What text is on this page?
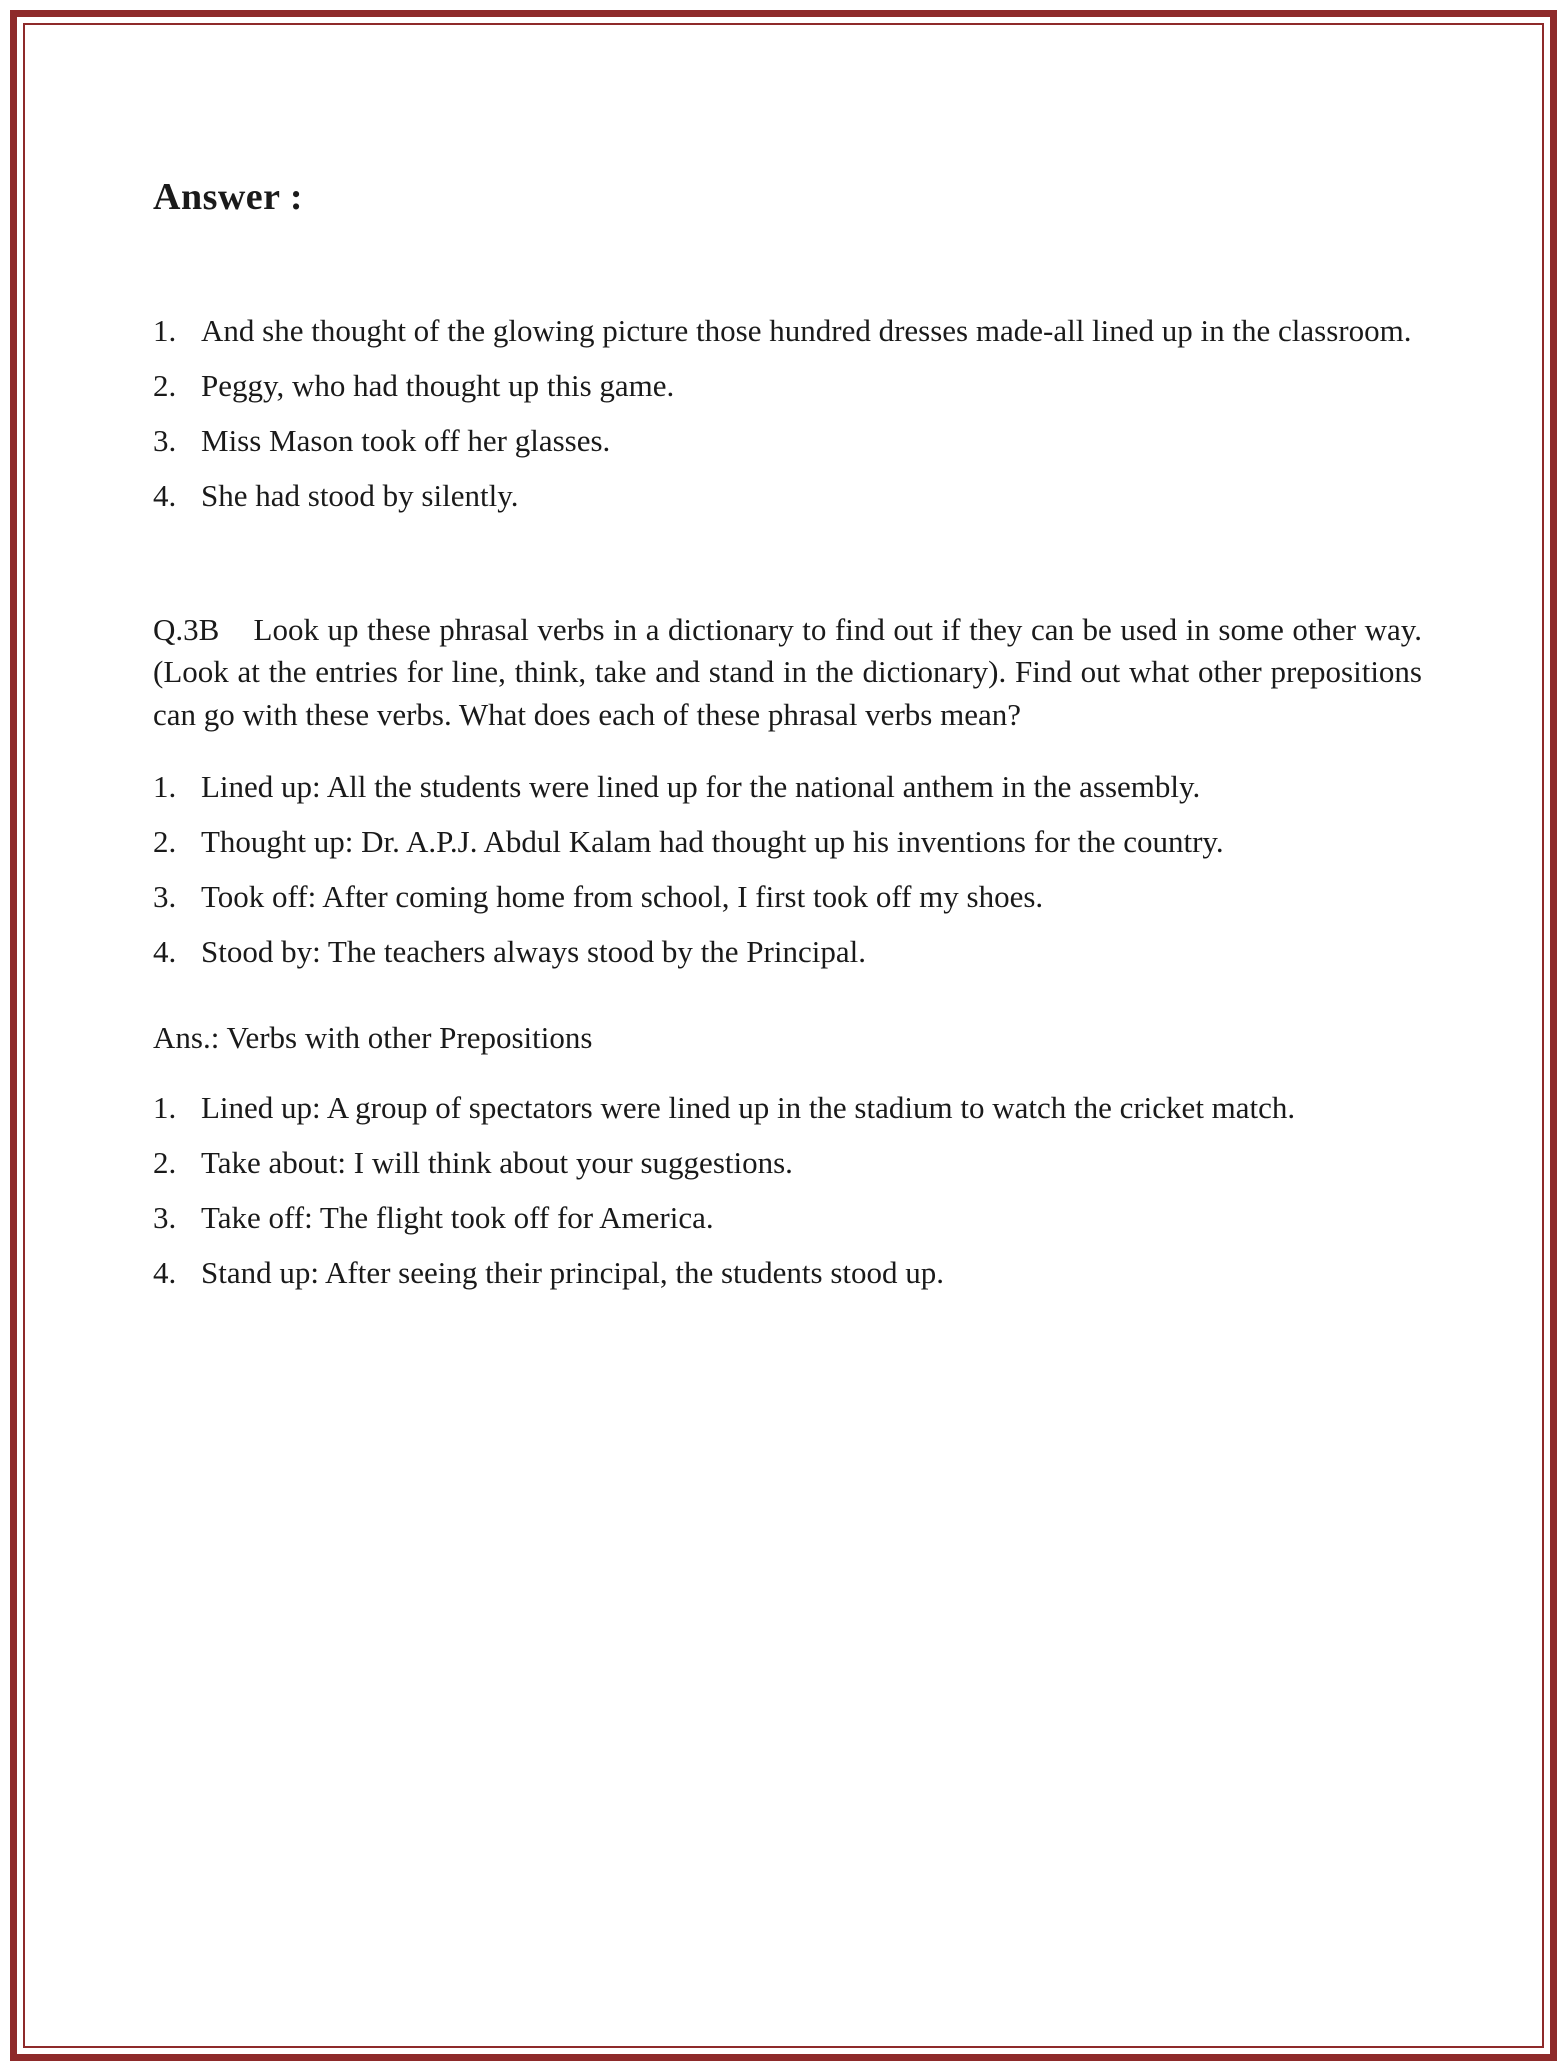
Answer :
1. And she thought of the glowing picture those hundred dresses made-all lined up in the classroom.
2. Peggy, who had thought up this game.
3. Miss Mason took off her glasses.
4. She had stood by silently.

Q.3B Look up these phrasal verbs in a dictionary to find out if they can be used in some other way. (Look at the entries for line, think, take and stand in the dictionary). Find out what other prepositions can go with these verbs. What does each of these phrasal verbs mean?

1. Lined up: All the students were lined up for the national anthem in the assembly.
2. Thought up: Dr. A.P.J. Abdul Kalam had thought up his inventions for the country.
3. Took off: After coming home from school, I first took off my shoes.
4. Stood by: The teachers always stood by the Principal.

Ans.: Verbs with other Prepositions

1. Lined up: A group of spectators were lined up in the stadium to watch the cricket match.
2. Take about: I will think about your suggestions.
3. Take off: The flight took off for America.
4. Stand up: After seeing their principal, the students stood up.
